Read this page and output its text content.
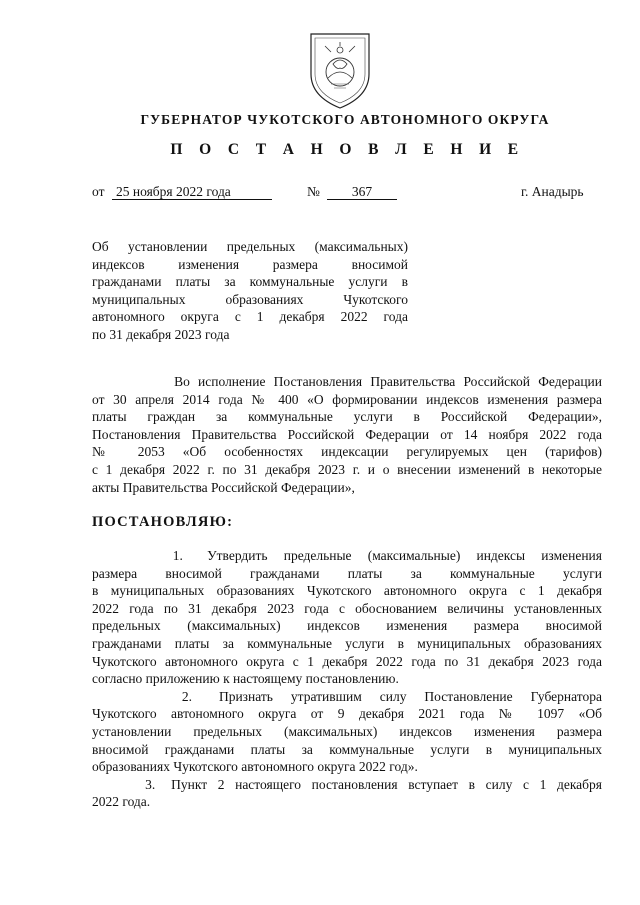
ГУБЕРНАТОР ЧУКОТСКОГО АВТОНОМНОГО ОКРУГА
П О С Т А Н О В Л Е Н И Е
от 25 ноября 2022 года	№	367	г. Анадырь
Об установлении предельных (максимальных)
индексов изменения размера вносимой
гражданами платы за коммунальные услуги в
муниципальных образованиях Чукотского
автономного округа с 1 декабря 2022 года
по 31 декабря 2023 года
Во исполнение Постановления Правительства Российской Федерации
от 30 апреля 2014 года № 400 «О формировании индексов изменения размера
платы граждан за коммунальные услуги в Российской Федерации»,
Постановления Правительства Российской Федерации от 14 ноября 2022 года
№ 2053 «Об особенностях индексации регулируемых цен (тарифов)
с 1 декабря 2022 г. по 31 декабря 2023 г. и о внесении изменений в некоторые
акты Правительства Российской Федерации»,
ПОСТАНОВЛЯЮ:
1.   Утвердить  предельные  (максимальные)  индексы  изменения
размера вносимой гражданами платы за коммунальные услуги
в муниципальных образованиях Чукотского автономного округа с 1 декабря
2022 года по 31 декабря 2023 года с обоснованием величины установленных
предельных (максимальных) индексов изменения размера вносимой
гражданами платы за коммунальные услуги в муниципальных образованиях
Чукотского автономного округа с 1 декабря 2022 года по 31 декабря 2023 года
согласно приложению к настоящему постановлению.
2.   Признать  утратившим  силу  Постановление  Губернатора
Чукотского автономного округа от 9 декабря 2021 года № 1097 «Об
установлении предельных (максимальных) индексов изменения размера
вносимой гражданами платы за коммунальные услуги в муниципальных
образованиях Чукотского автономного округа 2022 год».
3.   Пункт  2  настоящего  постановления  вступает  в  силу  с  1  декабря
2022 года.
